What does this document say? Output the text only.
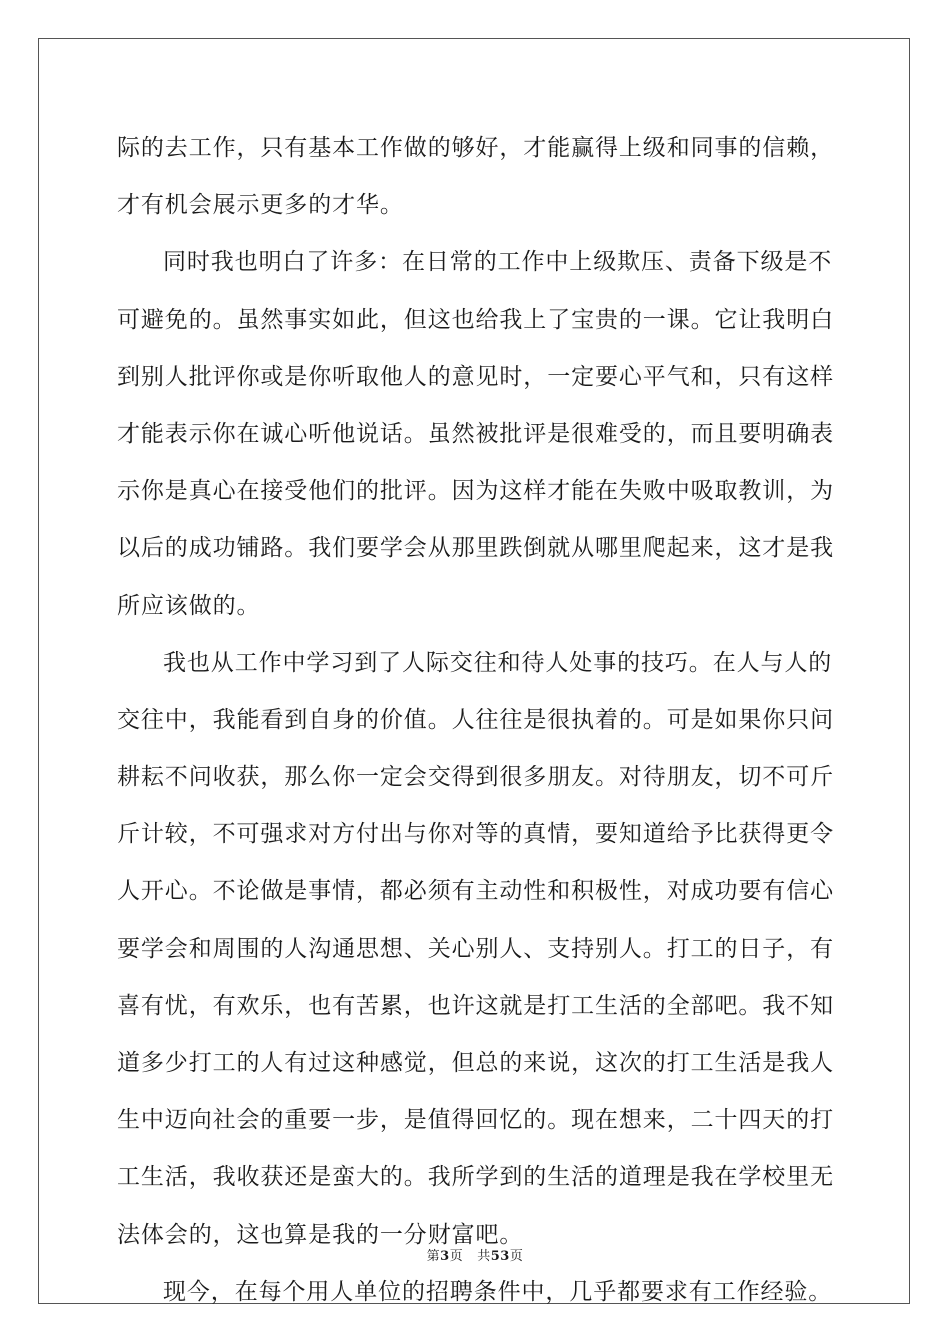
际的去工作，只有基本工作做的够好，才能赢得上级和同事的信赖，
才有机会展示更多的才华。
同时我也明白了许多：在日常的工作中上级欺压、责备下级是不
可避免的。虽然事实如此，但这也给我上了宝贵的一课。它让我明白
到别人批评你或是你听取他人的意见时，一定要心平气和，只有这样
才能表示你在诚心听他说话。虽然被批评是很难受的，而且要明确表
示你是真心在接受他们的批评。因为这样才能在失败中吸取教训，为
以后的成功铺路。我们要学会从那里跌倒就从哪里爬起来，这才是我
所应该做的。
我也从工作中学习到了人际交往和待人处事的技巧。在人与人的
交往中，我能看到自身的价值。人往往是很执着的。可是如果你只问
耕耘不问收获，那么你一定会交得到很多朋友。对待朋友，切不可斤
斤计较，不可强求对方付出与你对等的真情，要知道给予比获得更令
人开心。不论做是事情，都必须有主动性和积极性，对成功要有信心
要学会和周围的人沟通思想、关心别人、支持别人。打工的日子，有
喜有忧，有欢乐，也有苦累，也许这就是打工生活的全部吧。我不知
道多少打工的人有过这种感觉，但总的来说，这次的打工生活是我人
生中迈向社会的重要一步，是值得回忆的。现在想来，二十四天的打
工生活，我收获还是蛮大的。我所学到的生活的道理是我在学校里无
法体会的，这也算是我的一分财富吧。
现今，在每个用人单位的招聘条件中，几乎都要求有工作经验。
第3页 共53页
